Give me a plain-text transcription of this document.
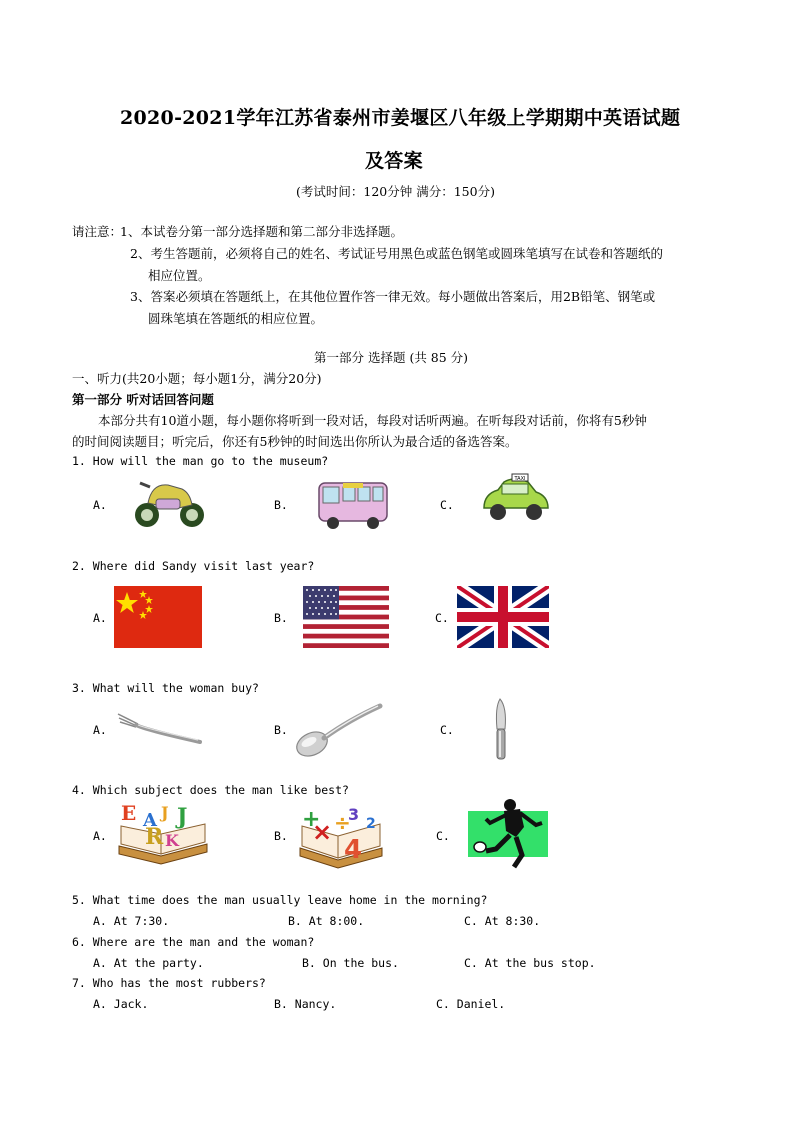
2020-2021学年江苏省泰州市姜堰区八年级上学期期中英语试题
及答案
(考试时间：120分钟 满分：150分)
请注意：
1、本试卷分第一部分选择题和第二部分非选择题。
2、考生答题前，必须将自己的姓名、考试证号用黑色或蓝色钢笔或圆珠笔填写在试卷和答题纸的
相应位置。
3、答案必须填在答题纸上，在其他位置作答一律无效。每小题做出答案后，用2B铅笔、钢笔或
圆珠笔填在答题纸的相应位置。
第一部分 选择题 (共 85 分)
一、听力(共20小题；每小题1分，满分20分)
第一部分 听对话回答问题
本部分共有10道小题，每小题你将听到一段对话，每段对话听两遍。在听每段对话前，你将有5秒钟
的时间阅读题目；听完后，你还有5秒钟的时间选出你所认为最合适的备选答案。
1. How will the man go to the museum?
A.	B.	C.
TAXI
2. Where did Sandy visit last year?
A.	B.	C.
3. What will the woman buy?
A.	B.	C.
4. Which subject does the man like best?
A.
E A J J
R K	B.
+
× ÷
3 2
4	C.
5. What time does the man usually leave home in the morning?
A. At 7:30.	B. At 8:00.	C. At 8:30.
6. Where are the man and the woman?
A. At the party.	B. On the bus.	C. At the bus stop.
7. Who has the most rubbers?
A. Jack.	B. Nancy.	C. Daniel.
